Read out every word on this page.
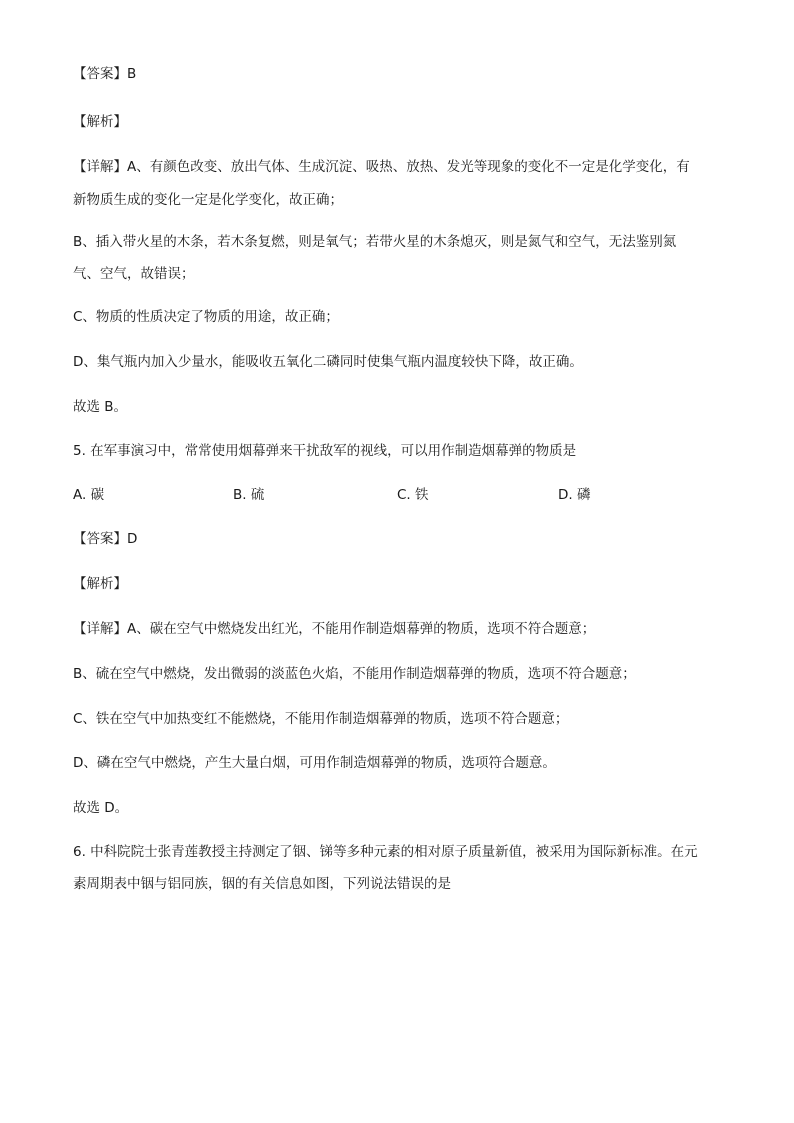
【答案】B
【解析】
【详解】A、有颜色改变、放出气体、生成沉淀、吸热、放热、发光等现象的变化不一定是化学变化，有
新物质生成的变化一定是化学变化，故正确；
B、插入带火星的木条，若木条复燃，则是氧气；若带火星的木条熄灭，则是氮气和空气，无法鉴别氮
气、空气，故错误；
C、物质的性质决定了物质的用途，故正确；
D、集气瓶内加入少量水，能吸收五氧化二磷同时使集气瓶内温度较快下降，故正确。
故选 B。
5. 在军事演习中，常常使用烟幕弹来干扰敌军的视线，可以用作制造烟幕弹的物质是
A. 碳	B. 硫	C. 铁	D. 磷
【答案】D
【解析】
【详解】A、碳在空气中燃烧发出红光，不能用作制造烟幕弹的物质，选项不符合题意；
B、硫在空气中燃烧，发出微弱的淡蓝色火焰，不能用作制造烟幕弹的物质，选项不符合题意；
C、铁在空气中加热变红不能燃烧，不能用作制造烟幕弹的物质，选项不符合题意；
D、磷在空气中燃烧，产生大量白烟，可用作制造烟幕弹的物质，选项符合题意。
故选 D。
6. 中科院院士张青莲教授主持测定了铟、锑等多种元素的相对原子质量新值，被采用为国际新标准。在元
素周期表中铟与铝同族，铟的有关信息如图，下列说法错误的是
